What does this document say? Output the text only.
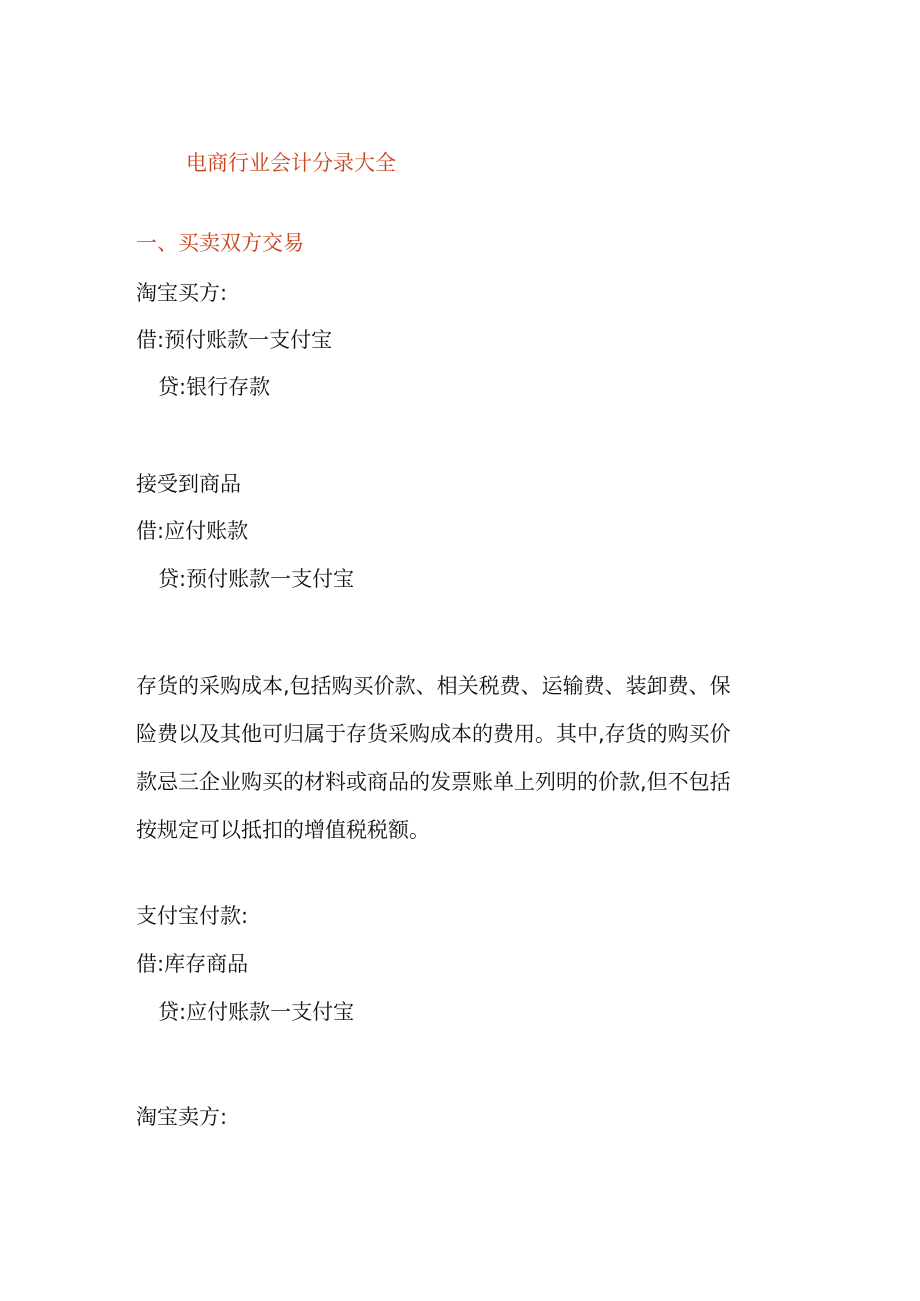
电商行业会计分录大全
一、买卖双方交易
淘宝买方:
借:预付账款一支付宝
贷:银行存款
接受到商品
借:应付账款
贷:预付账款一支付宝
存货的采购成本,包括购买价款、相关税费、运输费、装卸费、保
险费以及其他可归属于存货采购成本的费用。其中,存货的购买价
款忌三企业购买的材料或商品的发票账单上列明的价款,但不包括
按规定可以抵扣的增值税税额。
支付宝付款:
借:库存商品
贷:应付账款一支付宝
淘宝卖方:
